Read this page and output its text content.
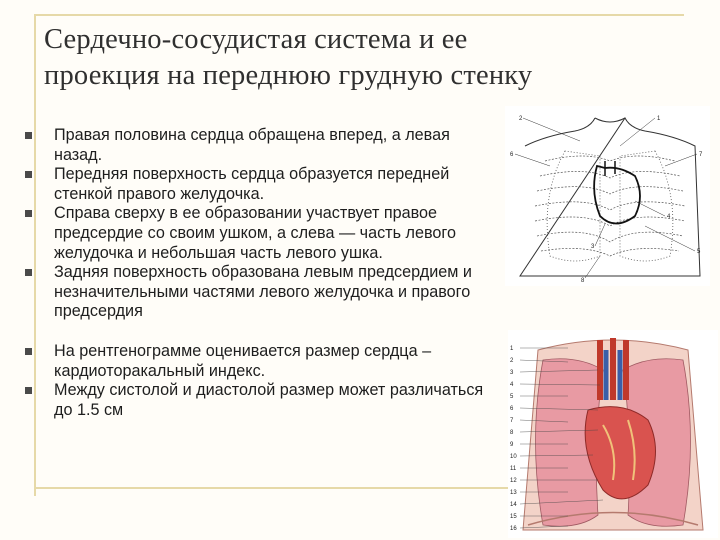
Сердечно-сосудистая система и ее
проекция на переднюю грудную стенку
Правая половина сердца обращена вперед, а левая назад.
Передняя поверхность сердца образуется передней стенкой правого желудочка.
Справа сверху в ее образовании участвует правое предсердие со своим ушком, а слева — часть левого желудочка и небольшая часть левого ушка.
Задняя поверхность образована левым предсердием и незначительными частями левого желудочка и правого предсердия
На рентгенограмме оценивается размер сердца – кардиоторакальный индекс.
Между систолой и диастолой размер может различаться до 1.5 см
2	1
6	7
4
5
3
8
1
2
3
4
5
6
7
8
9
10
11
12
13
14
15
16
